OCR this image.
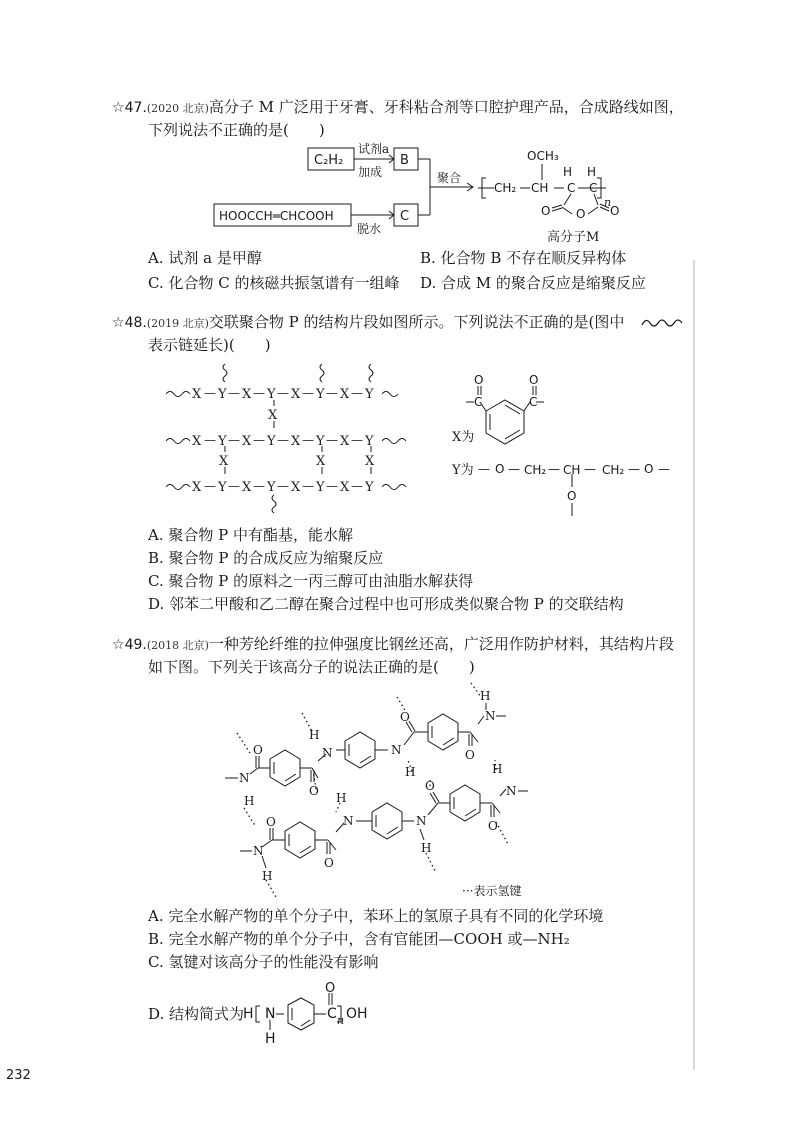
☆47.(2020 北京)高分子 M 广泛用于牙膏、牙科粘合剂等口腔护理产品，合成路线如图，
下列说法不正确的是(　　)
C₂H₂
试剂a
加成
B
HOOCCH═CHCOOH
脱水
C
聚合
OCH₃
CH₂ CH
H
C
H
C
n
O O O
高分子M
A. 试剂 a 是甲醇	B. 化合物 B 不存在顺反异构体
C. 化合物 C 的核磁共振氢谱有一组峰 D. 合成 M 的聚合反应是缩聚反应
☆48.(2019 北京)交联聚合物 P 的结构片段如图所示。下列说法不正确的是(图中
表示链延长)(　　)
X Y X Y X Y X Y
X
X Y X Y X Y X Y
X	X	X
X Y X Y X Y X Y
— — — — — — —
— — — — — — —
— — — — — — —
X为
O	O
C	C
Y为 — O — CH₂ — CH — CH₂ — O —
O
A. 聚合物 P 中有酯基，能水解
B. 聚合物 P 的合成反应为缩聚反应
C. 聚合物 P 的原料之一丙三醇可由油脂水解获得
D. 邻苯二甲酸和乙二醇在聚合过程中也可形成类似聚合物 P 的交联结构
☆49.(2018 北京)一种芳纶纤维的拉伸强度比钢丝还高，广泛用作防护材料，其结构片段
如下图。下列关于该高分子的说法正确的是(　　)
N
H
O
O
N
H
N
H
O
O
N
H
N
H
O
O
N
H
N
H
O
O
N
H
···表示氢键
A. 完全水解产物的单个分子中，苯环上的氢原子具有不同的化学环境
B. 完全水解产物的单个分子中，含有官能团—COOH 或—NH₂
C. 氢键对该高分子的性能没有影响
D. 结构简式为
H N	C
O
n OH
H
232
